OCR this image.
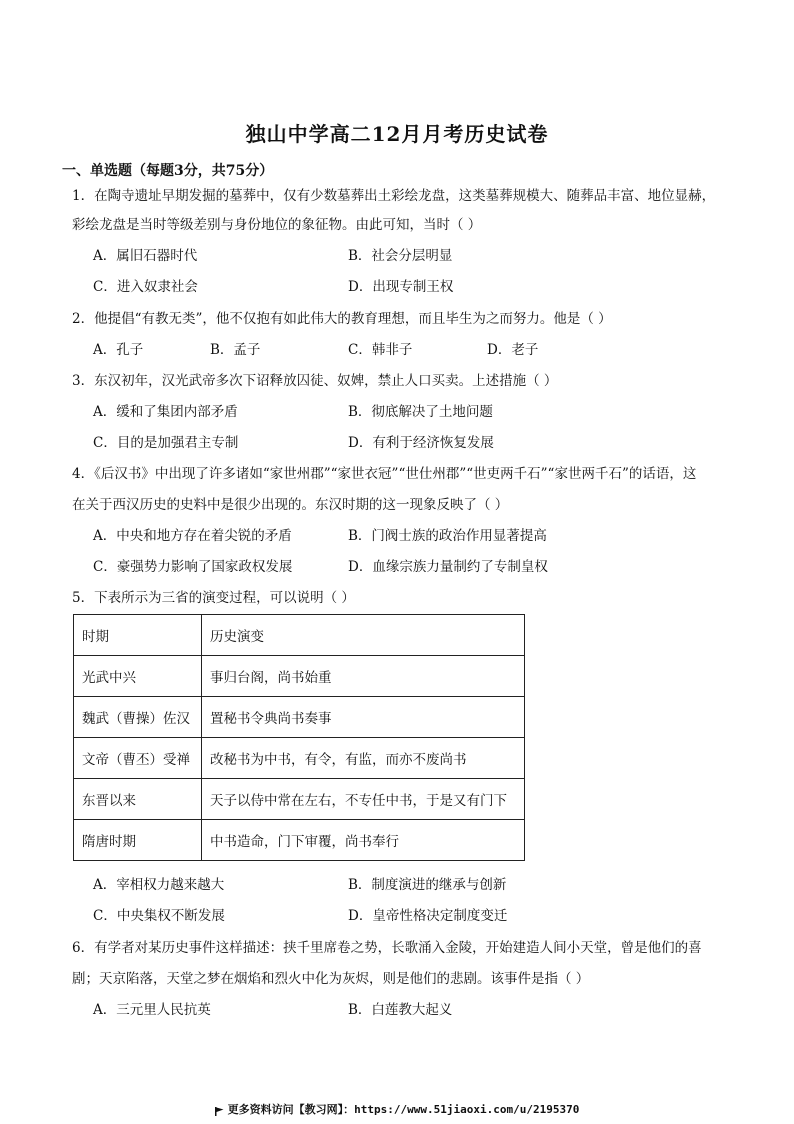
独山中学高二12月月考历史试卷
一、单选题（每题3分，共75分）
1．在陶寺遗址早期发掘的墓葬中，仅有少数墓葬出土彩绘龙盘，这类墓葬规模大、随葬品丰富、地位显赫，
彩绘龙盘是当时等级差别与身份地位的象征物。由此可知，当时（ ）
A．属旧石器时代	B．社会分层明显
C．进入奴隶社会	D．出现专制王权
2．他提倡“有教无类”，他不仅抱有如此伟大的教育理想，而且毕生为之而努力。他是（ ）
A．孔子	B．孟子	C．韩非子	D．老子
3．东汉初年，汉光武帝多次下诏释放囚徒、奴婢，禁止人口买卖。上述措施（ ）
A．缓和了集团内部矛盾	B．彻底解决了土地问题
C．目的是加强君主专制	D．有利于经济恢复发展
4．《后汉书》中出现了许多诸如“家世州郡”“家世衣冠”“世仕州郡”“世吏两千石”“家世两千石”的话语，这
在关于西汉历史的史料中是很少出现的。东汉时期的这一现象反映了（ ）
A．中央和地方存在着尖锐的矛盾	B．门阀士族的政治作用显著提高
C．豪强势力影响了国家政权发展	D．血缘宗族力量制约了专制皇权
5．下表所示为三省的演变过程，可以说明（ ）
时期	历史演变
光武中兴	事归台阁，尚书始重
魏武（曹操）佐汉	置秘书令典尚书奏事
文帝（曹丕）受禅	改秘书为中书，有令，有监，而亦不废尚书
东晋以来	天子以侍中常在左右，不专任中书，于是又有门下
隋唐时期	中书造命，门下审覆，尚书奉行
A．宰相权力越来越大	B．制度演进的继承与创新
C．中央集权不断发展	D．皇帝性格决定制度变迁
6．有学者对某历史事件这样描述：挟千里席卷之势，长歌涌入金陵，开始建造人间小天堂，曾是他们的喜
剧；天京陷落，天堂之梦在烟焰和烈火中化为灰烬，则是他们的悲剧。该事件是指（ ）
A．三元里人民抗英	B．白莲教大起义
更多资料访问【教习网】：https://www.51jiaoxi.com/u/2195370
